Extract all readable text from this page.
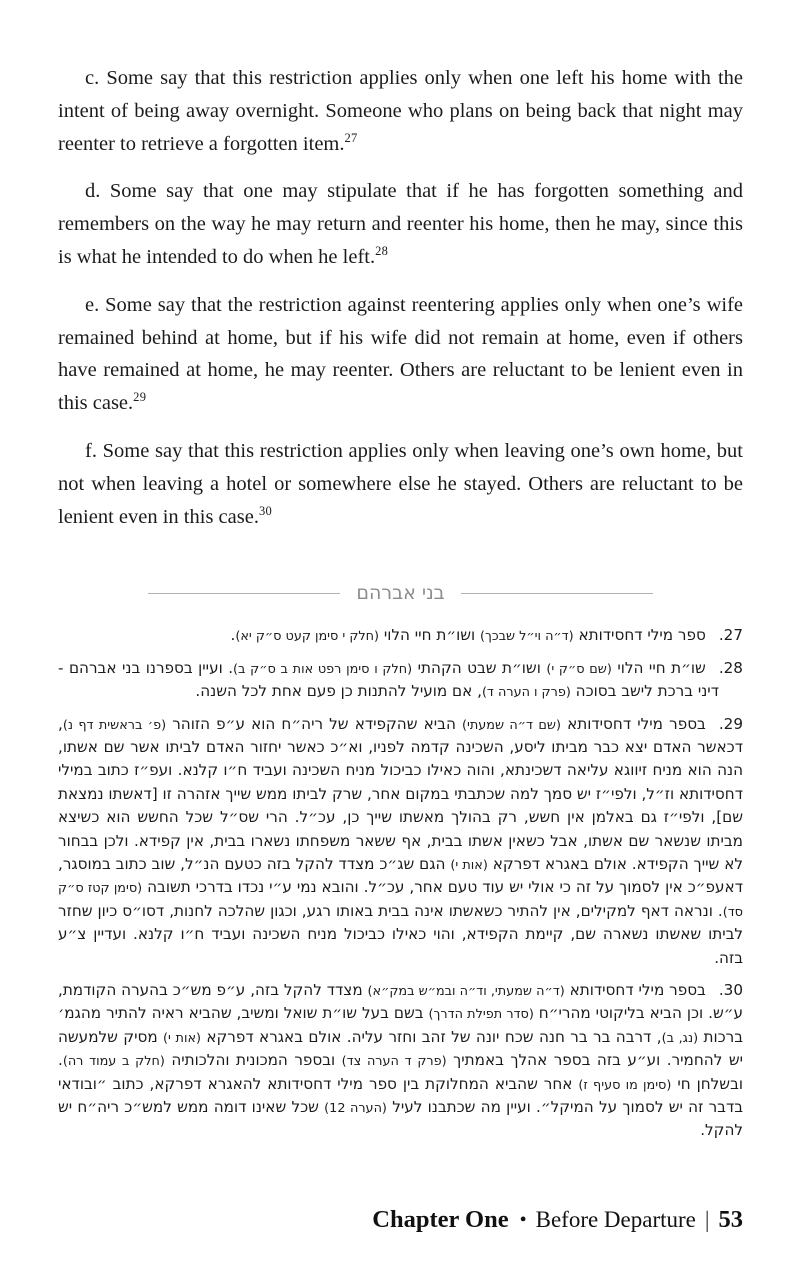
c. Some say that this restriction applies only when one left his home with the intent of being away overnight. Someone who plans on being back that night may reenter to retrieve a forgotten item.$^{27}$

d. Some say that one may stipulate that if he has forgotten something and remembers on the way he may return and reenter his home, then he may, since this is what he intended to do when he left.$^{28}$

e. Some say that the restriction against reentering applies only when one’s wife remained behind at home, but if his wife did not remain at home, even if others have remained at home, he may reenter. Others are reluctant to be lenient even in this case.$^{29}$

f. Some say that this restriction applies only when leaving one’s own home, but not when leaving a hotel or somewhere else he stayed. Others are reluctant to be lenient even in this case.$^{30}$

בני אברהם
27.ספר מילי דחסידותא (ד״ה וי״ל שבכך) ושו״ת חיי הלוי (חלק י סימן קעט ס״ק יא).
28.שו״ת חיי הלוי (שם ס״ק י) ושו״ת שבט הקהתי (חלק ו סימן רפט אות ב ס״ק ב). ועיין בספרנו בני אברהם - דיני ברכת לישב בסוכה (פרק ו הערה ד), אם מועיל להתנות כן פעם אחת לכל השנה.
29.בספר מילי דחסידותא (שם ד״ה שמעתי) הביא שהקפידא של ריה״ח הוא ע״פ הזוהר (פ׳ בראשית דף נ), דכאשר האדם יצא כבר מביתו ליסע, השכינה קדמה לפניו, וא״כ כאשר יחזור האדם לביתו אשר שם אשתו, הנה הוא מניח זיווגא עליאה דשכינתא, והוה כאילו כביכול מניח השכינה ועביד ח״ו קלנא. ועפ״ז כתוב במילי דחסידותא וז״ל, ולפי״ז יש סמך למה שכתבתי במקום אחר, שרק לביתו ממש שייך אזהרה זו [דאשתו נמצאת שם], ולפי״ז גם באלמן אין חשש, רק בהולך מאשתו שייך כן, עכ״ל. הרי שס״ל שכל החשש הוא כשיצא מביתו שנשאר שם אשתו, אבל כשאין אשתו בבית, אף ששאר משפחתו נשארו בבית, אין קפידא. ולכן בבחור לא שייך הקפידא. אולם באגרא דפרקא (אות י) הגם שג״כ מצדד להקל בזה כטעם הנ״ל, שוב כתוב במוסגר, דאעפ״כ אין לסמוך על זה כי אולי יש עוד טעם אחר, עכ״ל. והובא נמי ע״י נכדו בדרכי תשובה (סימן קטז ס״ק סד). ונראה דאף למקילים, אין להתיר כשאשתו אינה בבית באותו רגע, וכגון שהלכה לחנות, דסו״ס כיון שחזר לביתו שאשתו נשארה שם, קיימת הקפידא, והוי כאילו כביכול מניח השכינה ועביד ח״ו קלנא. ועדיין צ״ע בזה.
30.בספר מילי דחסידותא (ד״ה שמעתי, וד״ה ובמ״ש במק״א) מצדד להקל בזה, ע״פ מש״כ בהערה הקודמת, ע״ש. וכן הביא בליקוטי מהרי״ח (סדר תפילת הדרך) בשם בעל שו״ת שואל ומשיב, שהביא ראיה להתיר מהגמ׳ ברכות (נג, ב), דרבה בר בר חנה שכח יונה של זהב וחזר עליה. אולם באגרא דפרקא (אות י) מסיק שלמעשה יש להחמיר. וע״ע בזה בספר אהלך באמתיך (פרק ד הערה צד) ובספר המכונית והלכותיה (חלק ב עמוד רה). ובשלחן חי (סימן מו סעיף ז) אחר שהביא המחלוקת בין ספר מילי דחסידותא להאגרא דפרקא, כתוב ״ובודאי בדבר זה יש לסמוך על המיקל״. ועיין מה שכתבנו לעיל (הערה 12) שכל שאינו דומה ממש למש״כ ריה״ח יש להקל.
Chapter One • Before Departure | 53
